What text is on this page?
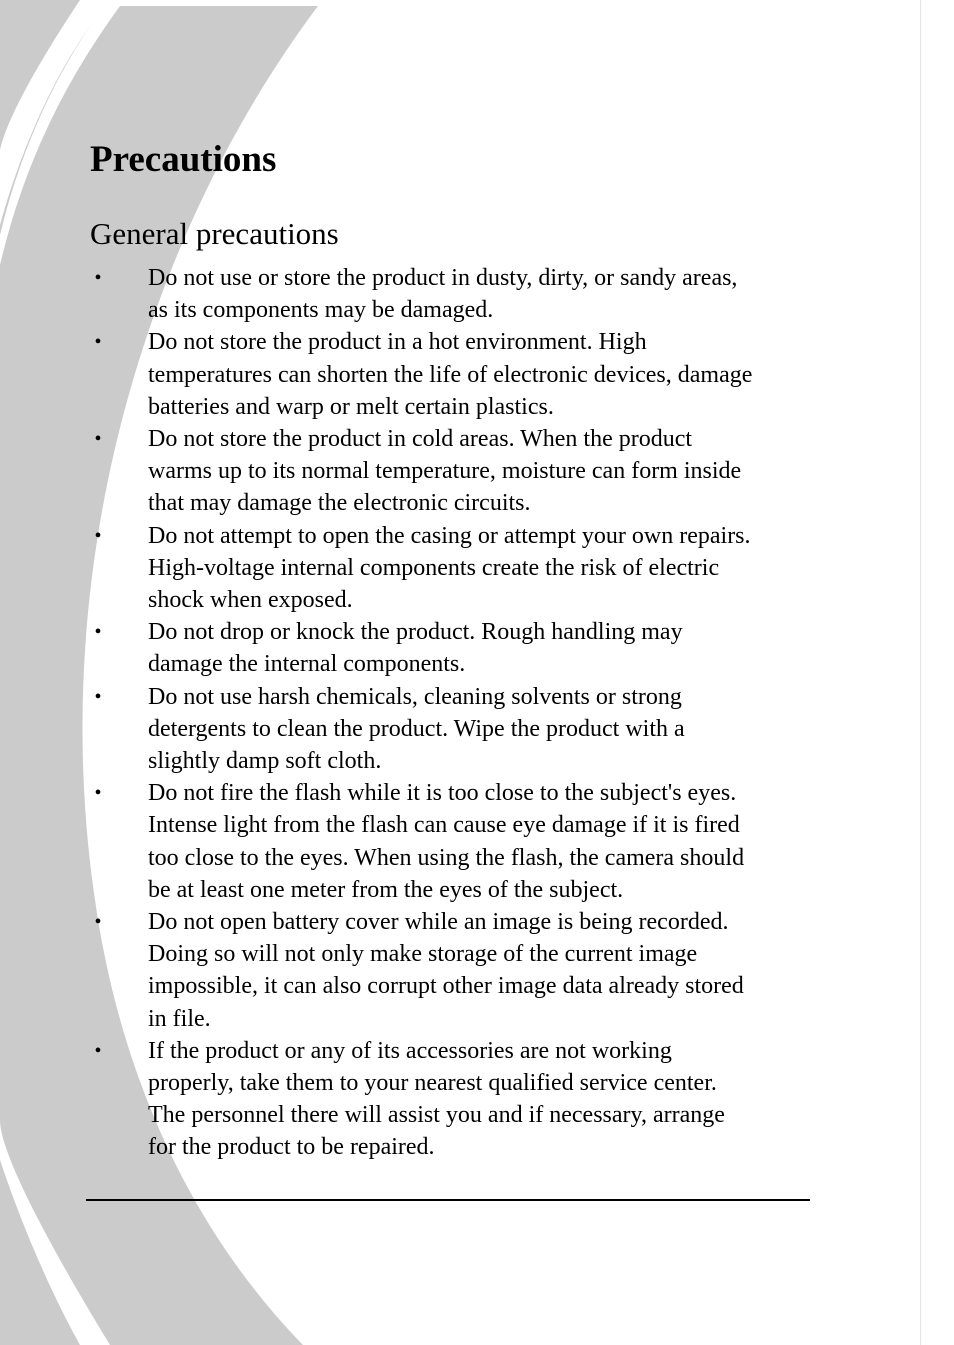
Precautions
General precautions
• Do not use or store the product in dusty, dirty, or sandy areas,
as its components may be damaged.
• Do not store the product in a hot environment. High
temperatures can shorten the life of electronic devices, damage
batteries and warp or melt certain plastics.
• Do not store the product in cold areas. When the product
warms up to its normal temperature, moisture can form inside
that may damage the electronic circuits.
• Do not attempt to open the casing or attempt your own repairs.
High-voltage internal components create the risk of electric
shock when exposed.
• Do not drop or knock the product. Rough handling may
damage the internal components.
• Do not use harsh chemicals, cleaning solvents or strong
detergents to clean the product. Wipe the product with a
slightly damp soft cloth.
• Do not fire the flash while it is too close to the subject's eyes.
Intense light from the flash can cause eye damage if it is fired
too close to the eyes. When using the flash, the camera should
be at least one meter from the eyes of the subject.
• Do not open battery cover while an image is being recorded.
Doing so will not only make storage of the current image
impossible, it can also corrupt other image data already stored
in file.
• If the product or any of its accessories are not working
properly, take them to your nearest qualified service center.
The personnel there will assist you and if necessary, arrange
for the product to be repaired.
